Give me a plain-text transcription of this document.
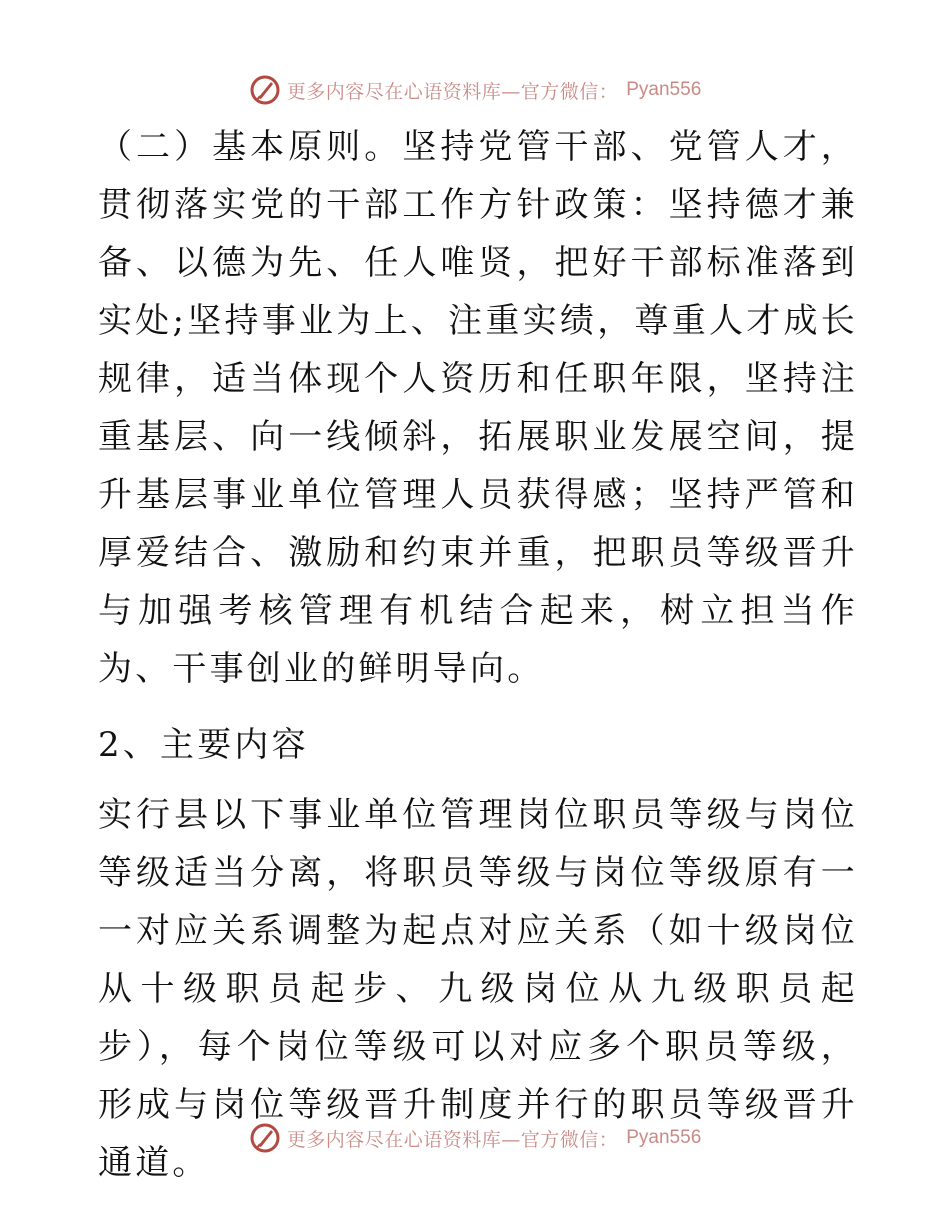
更多内容尽在心语资料库—官方微信： Pyan556

（二）基本原则。坚持党管干部、党管人才，贯彻落实党的干部工作方针政策：坚持德才兼备、以德为先、任人唯贤，把好干部标准落到实处;坚持事业为上、注重实绩，尊重人才成长规律，适当体现个人资历和任职年限，坚持注重基层、向一线倾斜，拓展职业发展空间，提升基层事业单位管理人员获得感；坚持严管和厚爱结合、激励和约束并重，把职员等级晋升与加强考核管理有机结合起来，树立担当作为、干事创业的鲜明导向。

2、主要内容

实行县以下事业单位管理岗位职员等级与岗位等级适当分离，将职员等级与岗位等级原有一一对应关系调整为起点对应关系（如十级岗位从十级职员起步、九级岗位从九级职员起步），每个岗位等级可以对应多个职员等级，形成与岗位等级晋升制度并行的职员等级晋升通道。

更多内容尽在心语资料库—官方微信： Pyan556
